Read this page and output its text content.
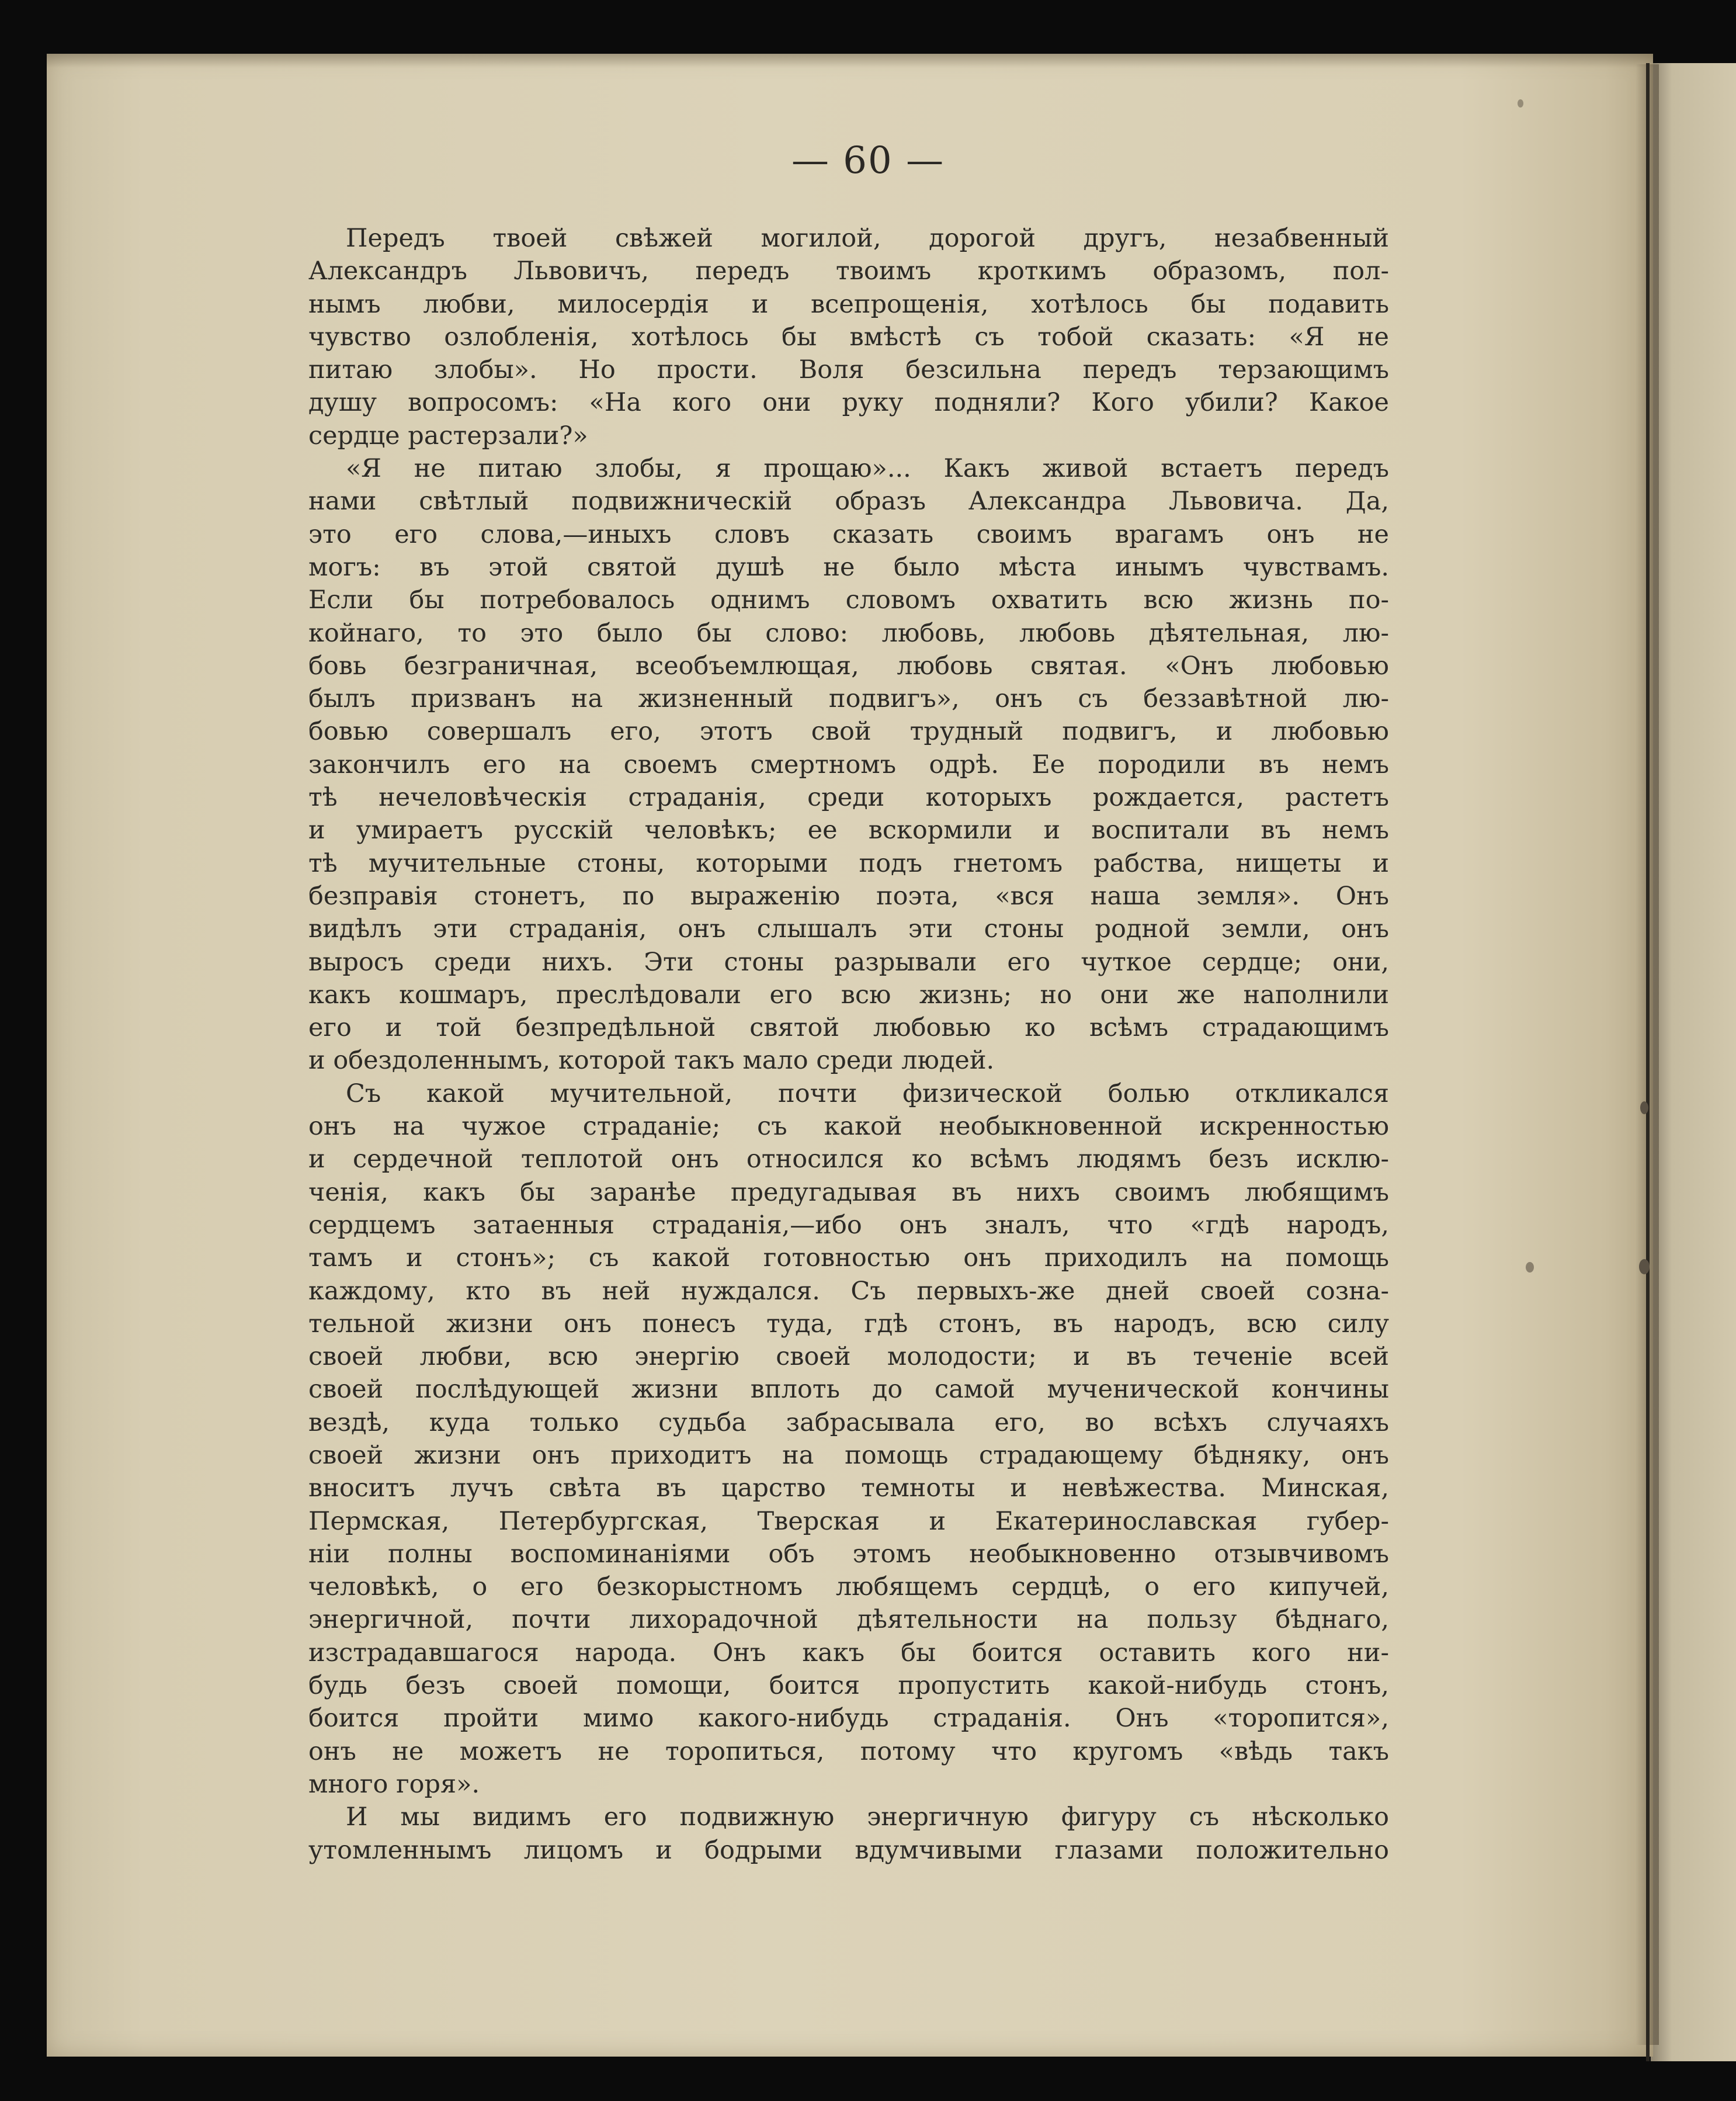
— 60 —
Передъ твоей свѣжей могилой, дорогой другъ, незабвенный
Александръ Львовичъ, передъ твоимъ кроткимъ образомъ, пол-
нымъ любви, милосердія и всепрощенія, хотѣлось бы подавить
чувство озлобленія, хотѣлось бы вмѣстѣ съ тобой сказать: «Я не
питаю злобы». Но прости. Воля безсильна передъ терзающимъ
душу вопросомъ: «На кого они руку подняли? Кого убили? Какое
сердце растерзали?»
«Я не питаю злобы, я прощаю»... Какъ живой встаетъ передъ
нами свѣтлый подвижническій образъ Александра Львовича. Да,
это его слова,—иныхъ словъ сказать своимъ врагамъ онъ не
могъ: въ этой святой душѣ не было мѣста инымъ чувствамъ.
Если бы потребовалось однимъ словомъ охватить всю жизнь по-
койнаго, то это было бы слово: любовь, любовь дѣятельная, лю-
бовь безграничная, всеобъемлющая, любовь святая. «Онъ любовью
былъ призванъ на жизненный подвигъ», онъ съ беззавѣтной лю-
бовью совершалъ его, этотъ свой трудный подвигъ, и любовью
закончилъ его на своемъ смертномъ одрѣ. Ее породили въ немъ
тѣ нечеловѣческія страданія, среди которыхъ рождается, растетъ
и умираетъ русскій человѣкъ; ее вскормили и воспитали въ немъ
тѣ мучительные стоны, которыми подъ гнетомъ рабства, нищеты и
безправія стонетъ, по выраженію поэта, «вся наша земля». Онъ
видѣлъ эти страданія, онъ слышалъ эти стоны родной земли, онъ
выросъ среди нихъ. Эти стоны разрывали его чуткое сердце; они,
какъ кошмаръ, преслѣдовали его всю жизнь; но они же наполнили
его и той безпредѣльной святой любовью ко всѣмъ страдающимъ
и обездоленнымъ, которой такъ мало среди людей.
Съ какой мучительной, почти физической болью откликался
онъ на чужое страданіе; съ какой необыкновенной искренностью
и сердечной теплотой онъ относился ко всѣмъ людямъ безъ исклю-
ченія, какъ бы заранѣе предугадывая въ нихъ своимъ любящимъ
сердцемъ затаенныя страданія,—ибо онъ зналъ, что «гдѣ народъ,
тамъ и стонъ»; съ какой готовностью онъ приходилъ на помощь
каждому, кто въ ней нуждался. Съ первыхъ-же дней своей созна-
тельной жизни онъ понесъ туда, гдѣ стонъ, въ народъ, всю силу
своей любви, всю энергію своей молодости; и въ теченіе всей
своей послѣдующей жизни вплоть до самой мученической кончины
вездѣ, куда только судьба забрасывала его, во всѣхъ случаяхъ
своей жизни онъ приходитъ на помощь страдающему бѣдняку, онъ
вноситъ лучъ свѣта въ царство темноты и невѣжества. Минская,
Пермская, Петербургская, Тверская и Екатеринославская губер-
ніи полны воспоминаніями объ этомъ необыкновенно отзывчивомъ
человѣкѣ, о его безкорыстномъ любящемъ сердцѣ, о его кипучей,
энергичной, почти лихорадочной дѣятельности на пользу бѣднаго,
изстрадавшагося народа. Онъ какъ бы боится оставить кого ни-
будь безъ своей помощи, боится пропустить какой-нибудь стонъ,
боится пройти мимо какого-нибудь страданія. Онъ «торопится»,
онъ не можетъ не торопиться, потому что кругомъ «вѣдь такъ
много горя».
И мы видимъ его подвижную энергичную фигуру съ нѣсколько
утомленнымъ лицомъ и бодрыми вдумчивыми глазами положительно
